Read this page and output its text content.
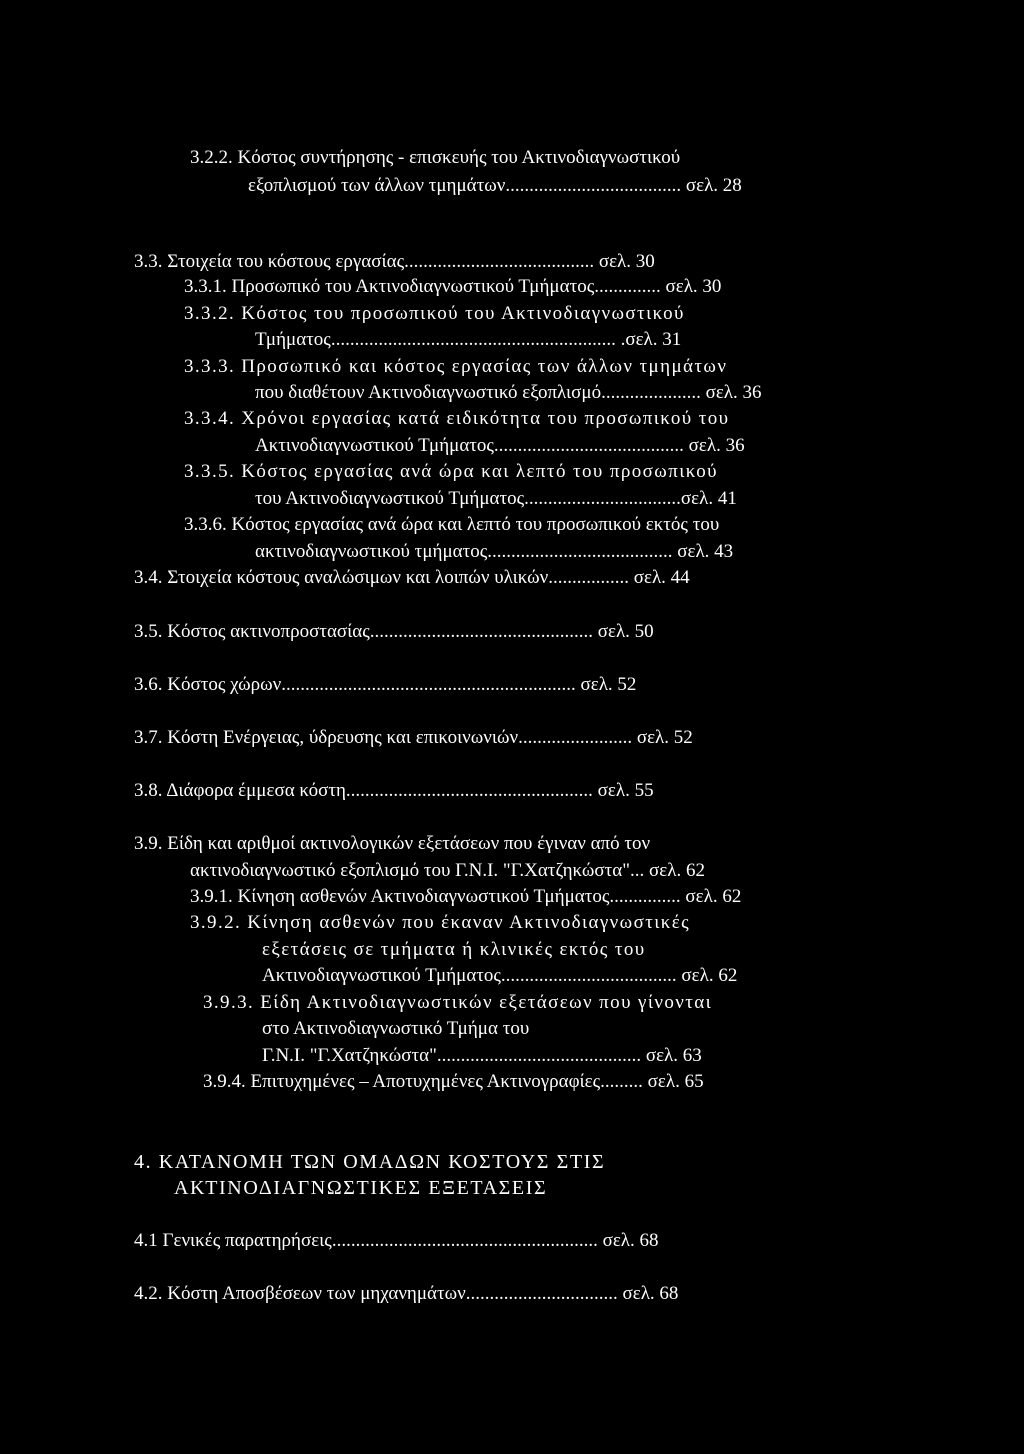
3.2.2. Κόστος συντήρησης - επισκευής του Ακτινοδιαγνωστικού
εξοπλισμού των άλλων τμημάτων..................................... σελ. 28
3.3. Στοιχεία του κόστους εργασίας........................................ σελ. 30
3.3.1. Προσωπικό του Ακτινοδιαγνωστικού Τμήματος.............. σελ. 30
3.3.2. Κόστος του προσωπικού του Ακτινοδιαγνωστικού
Τμήματος............................................................ .σελ. 31
3.3.3. Προσωπικό και κόστος εργασίας των άλλων τμημάτων
που διαθέτουν Ακτινοδιαγνωστικό εξοπλισμό..................... σελ. 36
3.3.4. Χρόνοι εργασίας κατά ειδικότητα του προσωπικού του
Ακτινοδιαγνωστικού Τμήματος........................................ σελ. 36
3.3.5. Κόστος εργασίας ανά ώρα και λεπτό του προσωπικού
του Ακτινοδιαγνωστικού Τμήματος.................................σελ. 41
3.3.6. Κόστος εργασίας ανά ώρα και λεπτό του προσωπικού εκτός του
ακτινοδιαγνωστικού τμήματος....................................... σελ. 43
3.4. Στοιχεία κόστους αναλώσιμων και λοιπών υλικών................. σελ. 44
3.5. Κόστος ακτινοπροστασίας............................................... σελ. 50
3.6. Κόστος χώρων.............................................................. σελ. 52
3.7. Κόστη Ενέργειας, ύδρευσης και επικοινωνιών........................ σελ. 52
3.8. Διάφορα έμμεσα κόστη.................................................... σελ. 55
3.9. Είδη και αριθμοί ακτινολογικών εξετάσεων που έγιναν από τον
ακτινοδιαγνωστικό εξοπλισμό του Γ.Ν.Ι. "Γ.Χατζηκώστα"... σελ. 62
3.9.1. Κίνηση ασθενών Ακτινοδιαγνωστικού Τμήματος............... σελ. 62
3.9.2. Κίνηση ασθενών που έκαναν Ακτινοδιαγνωστικές
εξετάσεις σε τμήματα ή κλινικές εκτός του
Ακτινοδιαγνωστικού Τμήματος..................................... σελ. 62
3.9.3. Είδη Ακτινοδιαγνωστικών εξετάσεων που γίνονται
στο Ακτινοδιαγνωστικό Τμήμα του
Γ.Ν.Ι. "Γ.Χατζηκώστα"........................................... σελ. 63
3.9.4. Επιτυχημένες – Αποτυχημένες Ακτινογραφίες......... σελ. 65
4. ΚΑΤΑΝΟΜΗ ΤΩΝ ΟΜΑΔΩΝ ΚΟΣΤΟΥΣ ΣΤΙΣ
ΑΚΤΙΝΟΔΙΑΓΝΩΣΤΙΚΕΣ ΕΞΕΤΑΣΕΙΣ
4.1 Γενικές παρατηρήσεις........................................................ σελ. 68
4.2. Κόστη Αποσβέσεων των μηχανημάτων................................ σελ. 68
